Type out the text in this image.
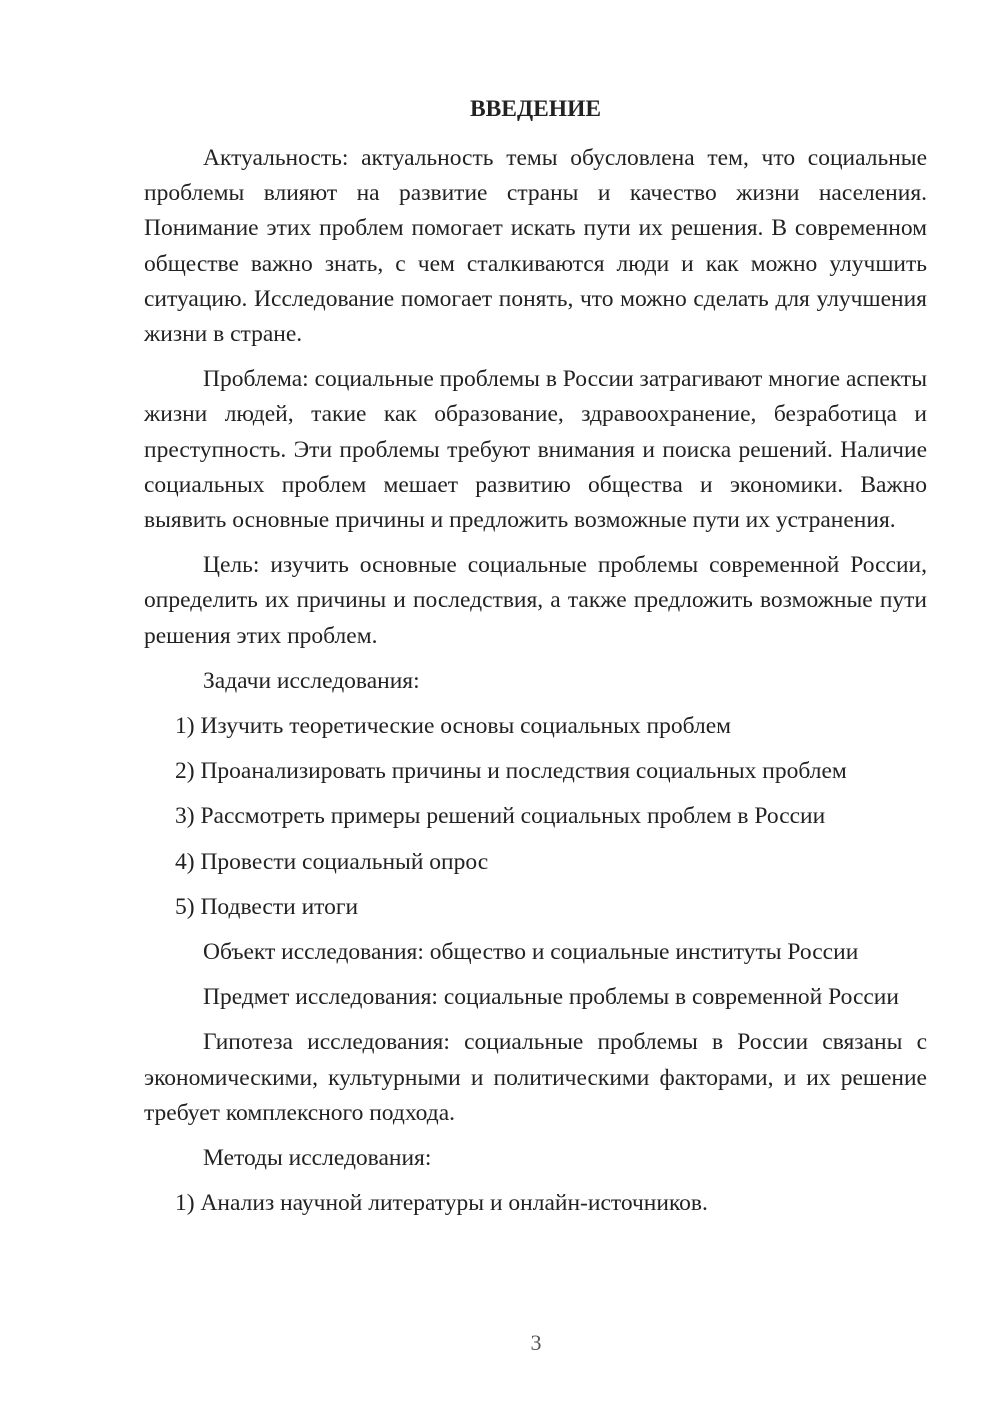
ВВЕДЕНИЕ

Актуальность: актуальность темы обусловлена тем, что социальные проблемы влияют на развитие страны и качество жизни населения. Понимание этих проблем помогает искать пути их решения. В современном обществе важно знать, с чем сталкиваются люди и как можно улучшить ситуацию. Исследование помогает понять, что можно сделать для улучшения жизни в стране.

Проблема: социальные проблемы в России затрагивают многие аспекты жизни людей, такие как образование, здравоохранение, безработица и преступность. Эти проблемы требуют внимания и поиска решений. Наличие социальных проблем мешает развитию общества и экономики. Важно выявить основные причины и предложить возможные пути их устранения.

Цель: изучить основные социальные проблемы современной России, определить их причины и последствия, а также предложить возможные пути решения этих проблем.

Задачи исследования:

1) Изучить теоретические основы социальных проблем

2) Проанализировать причины и последствия социальных проблем

3) Рассмотреть примеры решений социальных проблем в России

4) Провести социальный опрос

5) Подвести итоги

Объект исследования: общество и социальные институты России

Предмет исследования: социальные проблемы в современной России

Гипотеза исследования: социальные проблемы в России связаны с экономическими, культурными и политическими факторами, и их решение требует комплексного подхода.

Методы исследования:

1) Анализ научной литературы и онлайн-источников.

3
